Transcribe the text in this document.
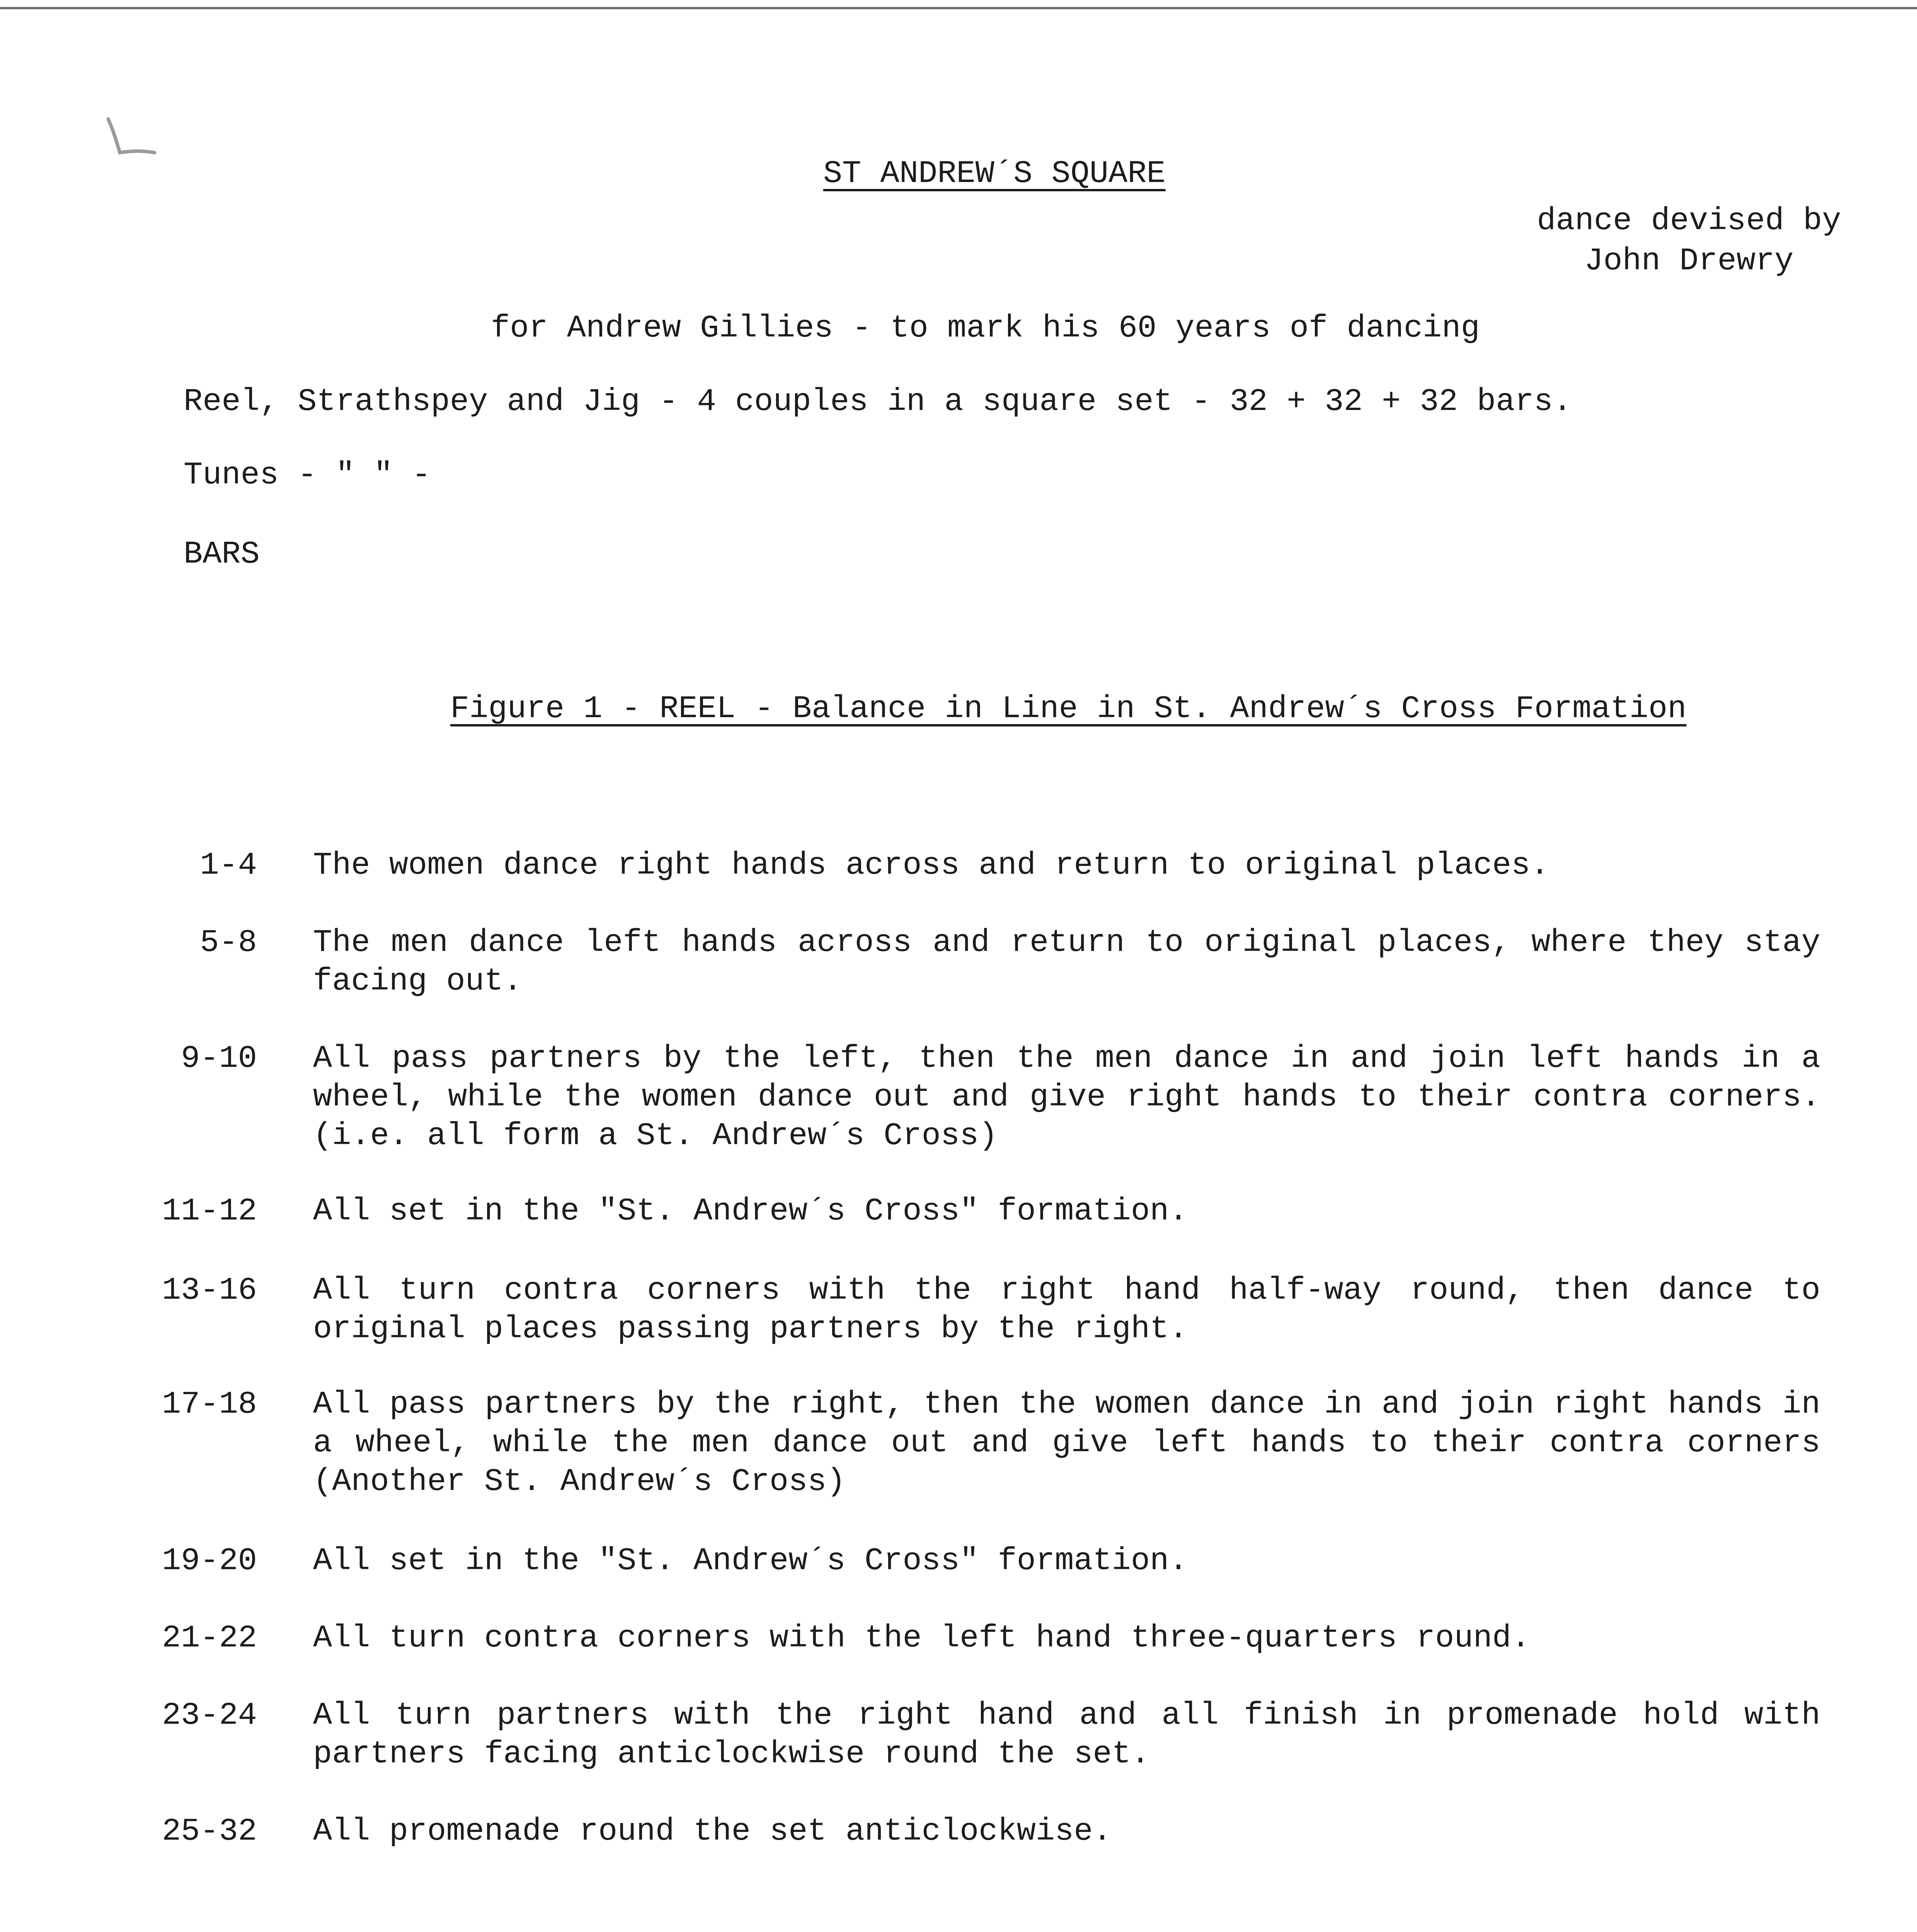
ST ANDREW´S SQUARE
dance devised by
John Drewry
for Andrew Gillies - to mark his 60 years of dancing
Reel, Strathspey and Jig - 4 couples in a square set - 32 + 32 + 32 bars.
Tunes - " " -
BARS
Figure 1 - REEL - Balance in Line in St. Andrew´s Cross Formation
1-4 The women dance right hands across and return to original places.
5-8 The men dance left hands across and return to original places, where they stay facing out.
9-10 All pass partners by the left, then the men dance in and join left hands in a wheel, while the women dance out and give right hands to their contra corners. (i.e. all form a St. Andrew´s Cross)
11-12 All set in the "St. Andrew´s Cross" formation.
13-16 All turn contra corners with the right hand half-way round, then dance to original places passing partners by the right.
17-18 All pass partners by the right, then the women dance in and join right hands in a wheel, while the men dance out and give left hands to their contra corners (Another St. Andrew´s Cross)
19-20 All set in the "St. Andrew´s Cross" formation.
21-22 All turn contra corners with the left hand three-quarters round.
23-24 All turn partners with the right hand and all finish in promenade hold with partners facing anticlockwise round the set.
25-32 All promenade round the set anticlockwise.
